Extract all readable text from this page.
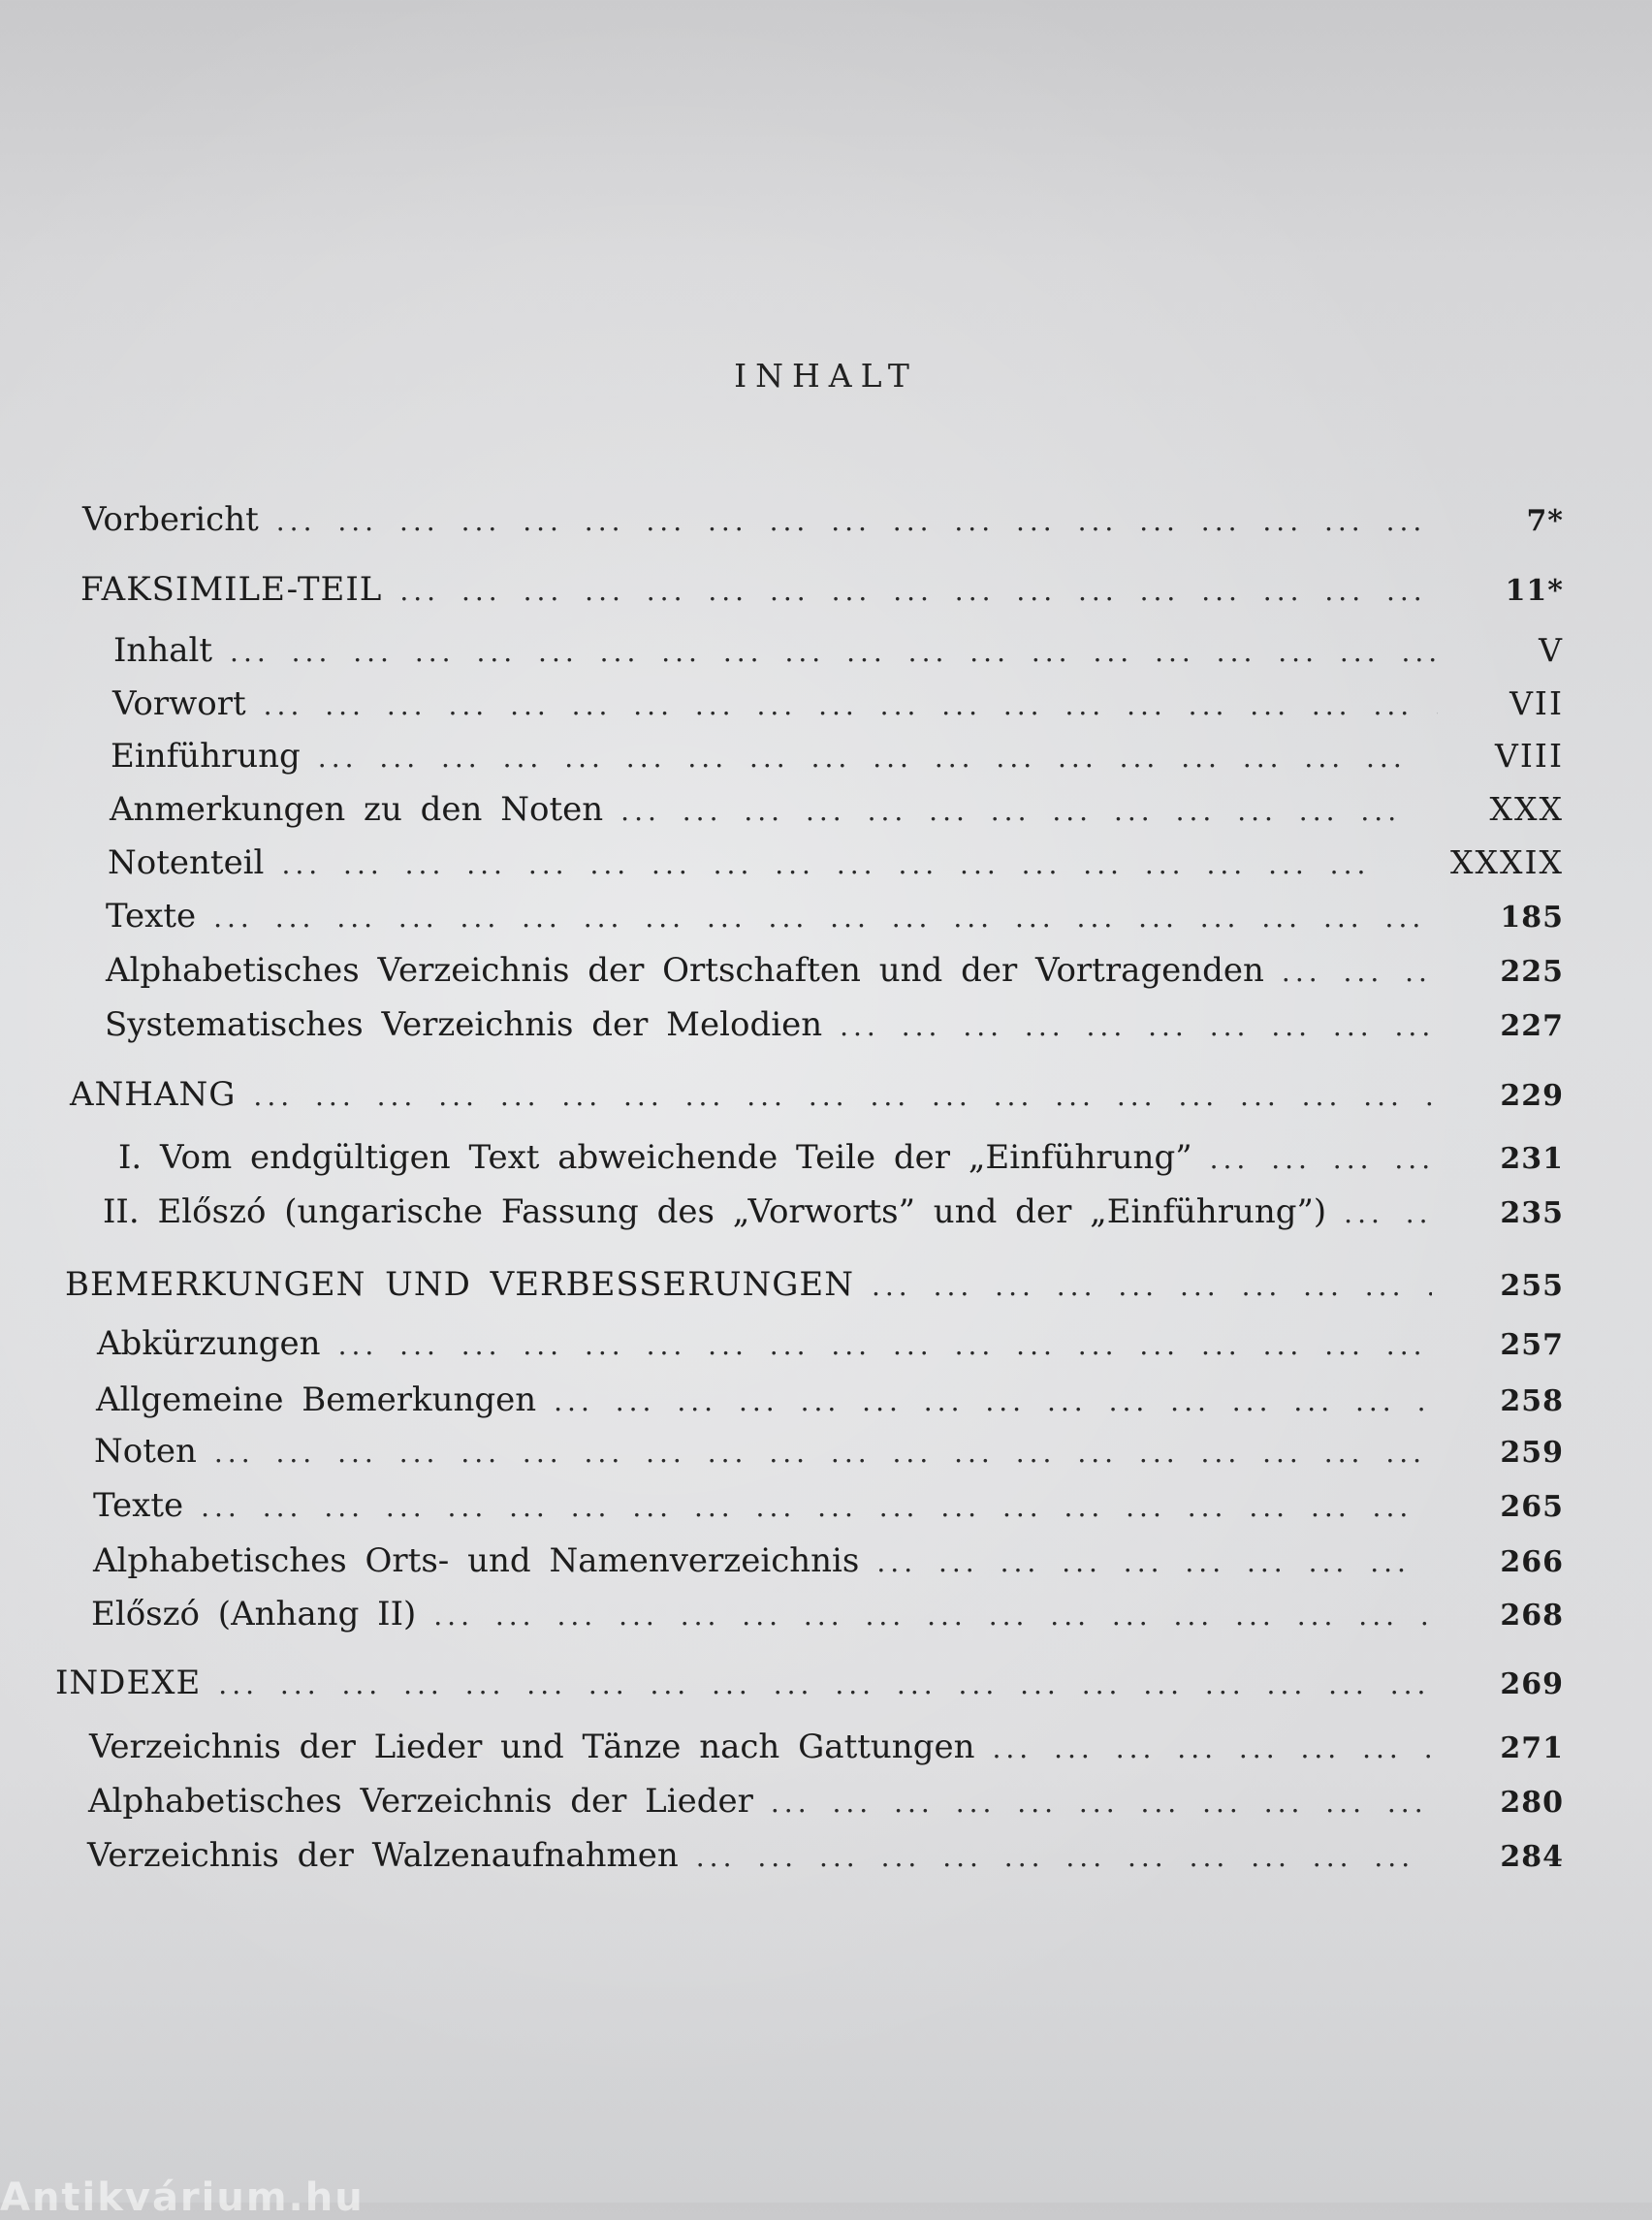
INHALT
Vorbericht ... .	7*
FAKSIMILE-TEIL ... .	11*
Inhalt ... .	V
Vorwort ... .	VII
Einführung ... .	VIII
Anmerkungen zu den Noten ... .	XXX
Notenteil ... .	XXXIX
Texte ... .	185
Alphabetisches Verzeichnis der Ortschaften und der Vortragenden ... .	225
Systematisches Verzeichnis der Melodien ... .	227
ANHANG ... .	229
I. Vom endgültigen Text abweichende Teile der „Einführung” ... .	231
II. Előszó (ungarische Fassung des „Vorworts” und der „Einführung”) ... .	235
BEMERKUNGEN UND VERBESSERUNGEN ... .	255
Abkürzungen ... .	257
Allgemeine Bemerkungen ... .	258
Noten ... .	259
Texte ... .	265
Alphabetisches Orts- und Namenverzeichnis ... .	266
Előszó (Anhang II) ... .	268
INDEXE ... .	269
Verzeichnis der Lieder und Tänze nach Gattungen ... .	271
Alphabetisches Verzeichnis der Lieder ... .	280
Verzeichnis der Walzenaufnahmen ... .	284
Antikvárium.hu
